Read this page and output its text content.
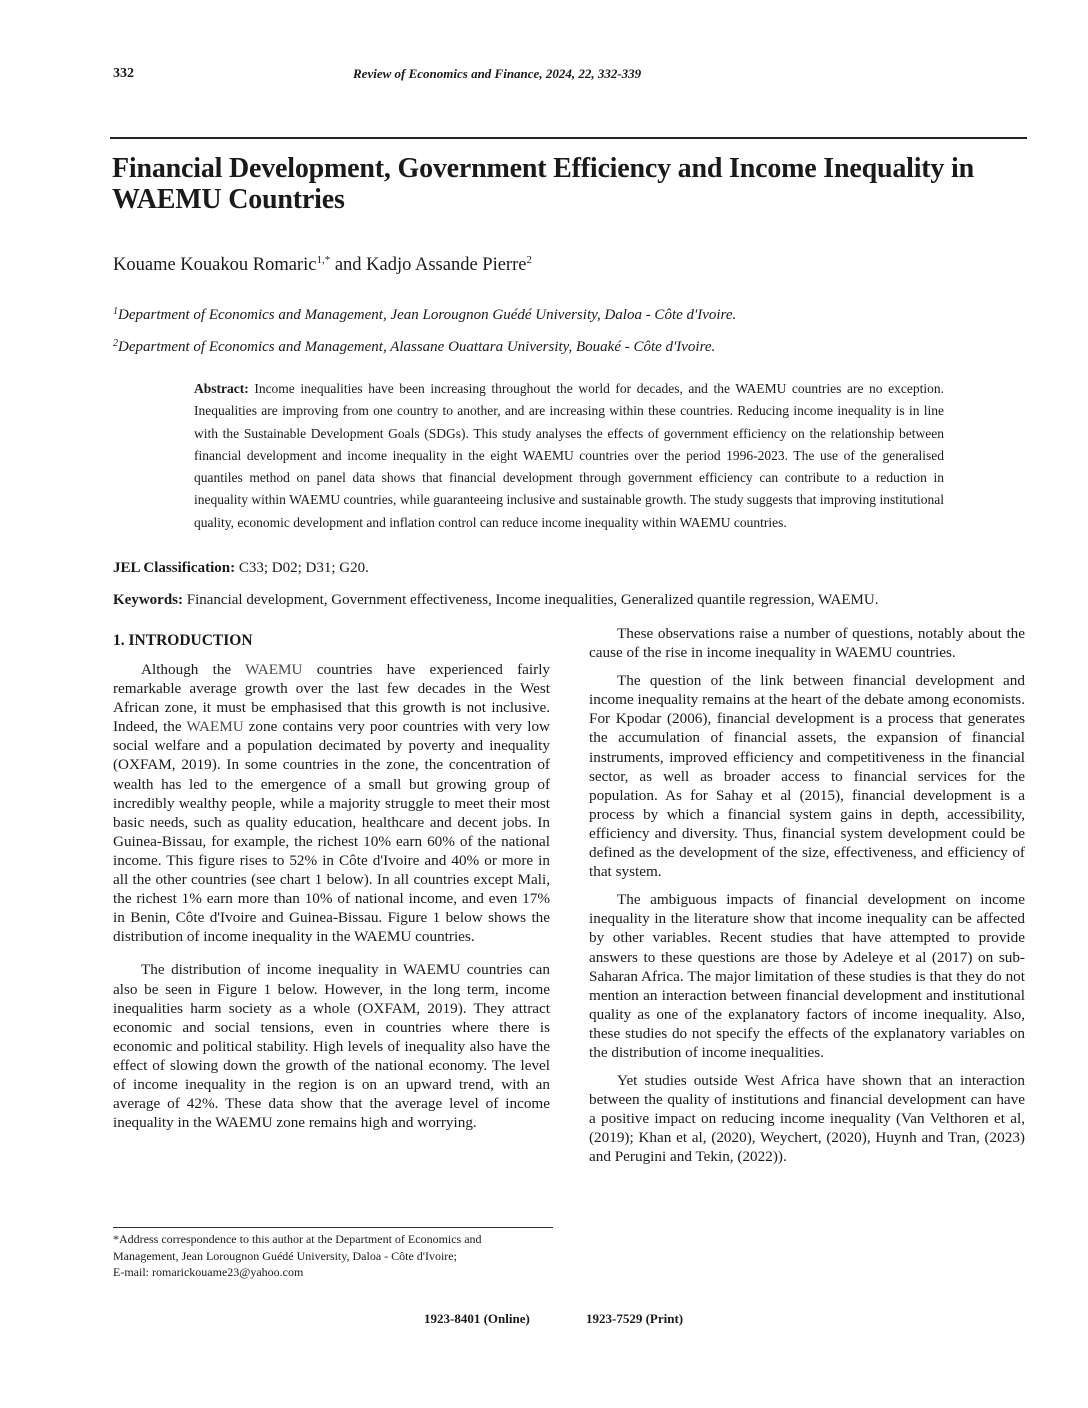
332	Review of Economics and Finance, 2024, 22, 332-339
Financial Development, Government Efficiency and Income Inequality in
WAEMU Countries
Kouame Kouakou Romaric$^{1,*}$ and Kadjo Assande Pierre$^2$
$^1$Department of Economics and Management, Jean Lorougnon Guédé University, Daloa - Côte d'Ivoire.
$^2$Department of Economics and Management, Alassane Ouattara University, Bouaké - Côte d'Ivoire.

Abstract: Income inequalities have been increasing throughout the world for decades, and the WAEMU countries are no exception. Inequalities are improving from one country to another, and are increasing within these countries. Reducing income inequality is in line with the Sustainable Development Goals (SDGs). This study analyses the effects of government efficiency on the relationship between financial development and income inequality in the eight WAEMU countries over the period 1996-2023. The use of the generalised quantiles method on panel data shows that financial development through government efficiency can contribute to a reduction in inequality within WAEMU countries, while guaranteeing inclusive and sustainable growth. The study suggests that improving institutional quality, economic development and inflation control can reduce income inequality within WAEMU countries.

JEL Classification: C33; D02; D31; G20.
Keywords: Financial development, Government effectiveness, Income inequalities, Generalized quantile regression, WAEMU.
1. INTRODUCTION

Although the WAEMU countries have experienced fairly remarkable average growth over the last few decades in the West African zone, it must be emphasised that this growth is not inclusive. Indeed, the WAEMU zone contains very poor countries with very low social welfare and a population decimated by poverty and inequality (OXFAM, 2019). In some countries in the zone, the concentration of wealth has led to the emergence of a small but growing group of incredibly wealthy people, while a majority struggle to meet their most basic needs, such as quality education, healthcare and decent jobs. In Guinea-Bissau, for example, the richest 10% earn 60% of the national income. This figure rises to 52% in Côte d'Ivoire and 40% or more in all the other countries (see chart 1 below). In all countries except Mali, the richest 1% earn more than 10% of national income, and even 17% in Benin, Côte d'Ivoire and Guinea-Bissau. Figure 1 below shows the distribution of income inequality in the WAEMU countries.

The distribution of income inequality in WAEMU countries can also be seen in Figure 1 below. However, in the long term, income inequalities harm society as a whole (OXFAM, 2019). They attract economic and social tensions, even in countries where there is economic and political stability. High levels of inequality also have the effect of slowing down the growth of the national economy. The level of income inequality in the region is on an upward trend, with an average of 42%. These data show that the average level of income inequality in the WAEMU zone remains high and worrying.

These observations raise a number of questions, notably about the cause of the rise in income inequality in WAEMU countries.

The question of the link between financial development and income inequality remains at the heart of the debate among economists. For Kpodar (2006), financial development is a process that generates the accumulation of financial assets, the expansion of financial instruments, improved efficiency and competitiveness in the financial sector, as well as broader access to financial services for the population. As for Sahay et al (2015), financial development is a process by which a financial system gains in depth, accessibility, efficiency and diversity. Thus, financial system development could be defined as the development of the size, effectiveness, and efficiency of that system.

The ambiguous impacts of financial development on income inequality in the literature show that income inequality can be affected by other variables. Recent studies that have attempted to provide answers to these questions are those by Adeleye et al (2017) on sub-Saharan Africa. The major limitation of these studies is that they do not mention an interaction between financial development and institutional quality as one of the explanatory factors of income inequality. Also, these studies do not specify the effects of the explanatory variables on the distribution of income inequalities.

Yet studies outside West Africa have shown that an interaction between the quality of institutions and financial development can have a positive impact on reducing income inequality (Van Velthoren et al, (2019); Khan et al, (2020), Weychert, (2020), Huynh and Tran, (2023) and Perugini and Tekin, (2022)).

*Address correspondence to this author at the Department of Economics and
Management, Jean Lorougnon Guédé University, Daloa - Côte d'Ivoire;
E-mail: romarickouame23@yahoo.com
1923-8401 (Online)	1923-7529 (Print)
